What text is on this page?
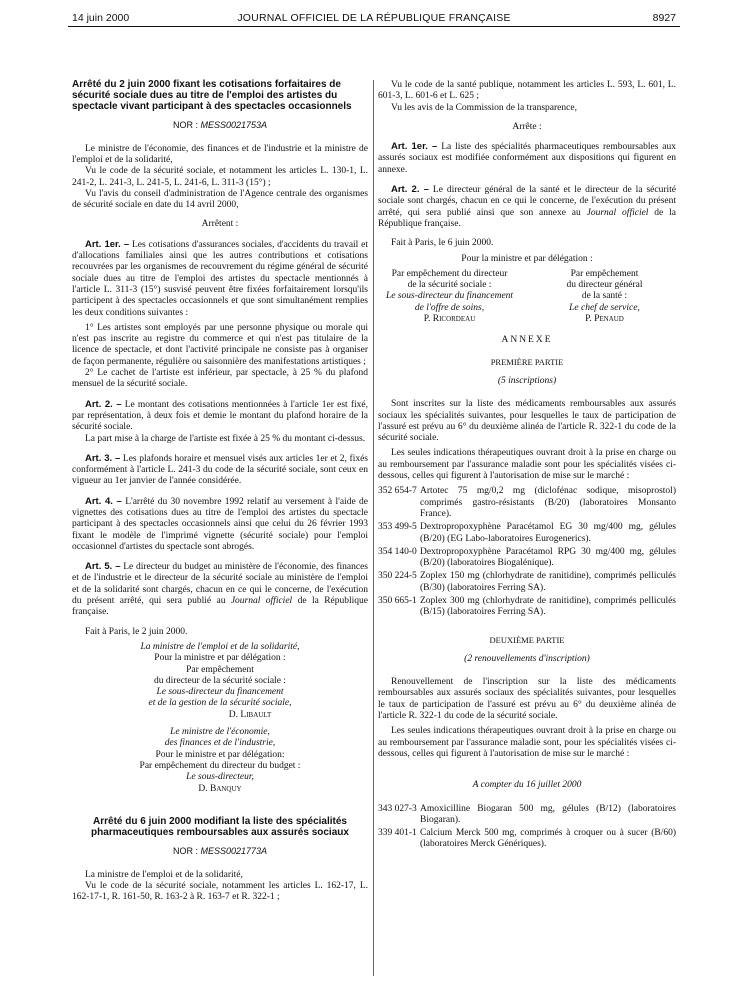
14 juin 2000	JOURNAL OFFICIEL DE LA RÉPUBLIQUE FRANÇAISE	8927
Arrêté du 2 juin 2000 fixant les cotisations forfaitaires de sécurité sociale dues au titre de l'emploi des artistes du spectacle vivant participant à des spectacles occasionnels
NOR : MESS0021753A

Le ministre de l'économie, des finances et de l'industrie et la ministre de l'emploi et de la solidarité,

Vu le code de la sécurité sociale, et notamment les articles L. 130-1, L. 241-2, L. 241-3, L. 241-5, L. 241-6, L. 311-3 (15°) ;

Vu l'avis du conseil d'administration de l'Agence centrale des organismes de sécurité sociale en date du 14 avril 2000,

Arrêtent :

Art. 1er. – Les cotisations d'assurances sociales, d'accidents du travail et d'allocations familiales ainsi que les autres contributions et cotisations recouvrées par les organismes de recouvrement du régime général de sécurité sociale dues au titre de l'emploi des artistes du spectacle mentionnés à l'article L. 311-3 (15°) susvisé peuvent être fixées forfaitairement lorsqu'ils participent à des spectacles occasionnels et que sont simultanément remplies les deux conditions suivantes :

1° Les artistes sont employés par une personne physique ou morale qui n'est pas inscrite au registre du commerce et qui n'est pas titulaire de la licence de spectacle, et dont l'activité principale ne consiste pas à organiser de façon permanente, régulière ou saisonnière des manifestations artistiques ;

2° Le cachet de l'artiste est inférieur, par spectacle, à 25 % du plafond mensuel de la sécurité sociale.

Art. 2. – Le montant des cotisations mentionnées à l'article 1er est fixé, par représentation, à deux fois et demie le montant du plafond horaire de la sécurité sociale.

La part mise à la charge de l'artiste est fixée à 25 % du montant ci-dessus.

Art. 3. – Les plafonds horaire et mensuel visés aux articles 1er et 2, fixés conformément à l'article L. 241-3 du code de la sécurité sociale, sont ceux en vigueur au 1er janvier de l'année considérée.

Art. 4. – L'arrêté du 30 novembre 1992 relatif au versement à l'aide de vignettes des cotisations dues au titre de l'emploi des artistes du spectacle participant à des spectacles occasionnels ainsi que celui du 26 février 1993 fixant le modèle de l'imprimé vignette (sécurité sociale) pour l'emploi occasionnel d'artistes du spectacle sont abrogés.

Art. 5. – Le directeur du budget au ministère de l'économie, des finances et de l'industrie et le directeur de la sécurité sociale au ministère de l'emploi et de la solidarité sont chargés, chacun en ce qui le concerne, de l'exécution du présent arrêté, qui sera publié au Journal officiel de la République française.

Fait à Paris, le 2 juin 2000.

La ministre de l'emploi et de la solidarité,
Pour la ministre et par délégation :
Par empêchement
du directeur de la sécurité sociale :
Le sous-directeur du financement
et de la gestion de la sécurité sociale,
D. Libault
Le ministre de l'économie,
des finances et de l'industrie,
Pour le ministre et par délégation:
Par empêchement du directeur du budget :
Le sous-directeur,
D. Banquy
Arrêté du 6 juin 2000 modifiant la liste des spécialités pharmaceutiques remboursables aux assurés sociaux
NOR : MESS0021773A

La ministre de l'emploi et de la solidarité,

Vu le code de la sécurité sociale, notamment les articles L. 162-17, L. 162-17-1, R. 161-50, R. 163-2 à R. 163-7 et R. 322-1 ;

Vu le code de la santé publique, notamment les articles L. 593, L. 601, L. 601-3, L. 601-6 et L. 625 ;

Vu les avis de la Commission de la transparence,

Arrête :

Art. 1er. – La liste des spécialités pharmaceutiques remboursables aux assurés sociaux est modifiée conformément aux dispositions qui figurent en annexe.

Art. 2. – Le directeur général de la santé et le directeur de la sécurité sociale sont chargés, chacun en ce qui le concerne, de l'exécution du présent arrêté, qui sera publié ainsi que son annexe au Journal officiel de la République française.

Fait à Paris, le 6 juin 2000.

Pour la ministre et par délégation :

Par empêchement du directeur
de la sécurité sociale :
Le sous-directeur du financement
de l'offre de soins,
P. Ricordeau
Par empêchement
du directeur général
de la santé :
Le chef de service,
P. Penaud
ANNEXE

PREMIÈRE PARTIE

(5 inscriptions)

Sont inscrites sur la liste des médicaments remboursables aux assurés sociaux les spécialités suivantes, pour lesquelles le taux de participation de l'assuré est prévu au 6° du deuxième alinéa de l'article R. 322-1 du code de la sécurité sociale.

Les seules indications thérapeutiques ouvrant droit à la prise en charge ou au remboursement par l'assurance maladie sont pour les spécialités visées ci-dessous, celles qui figurent à l'autorisation de mise sur le marché :

352 654-7 Artotec 75 mg/0,2 mg (diclofénac sodique, misoprostol) comprimés gastro-résistants (B/20) (laboratoires Monsanto France).
353 499-5 Dextropropoxyphène Paracétamol EG 30 mg/400 mg, gélules (B/20) (EG Labo-laboratoires Eurogenerics).
354 140-0 Dextropropoxyphène Paracétamol RPG 30 mg/400 mg, gélules (B/20) (laboratoires Biogalénique).
350 224-5 Zoplex 150 mg (chlorhydrate de ranitidine), comprimés pelliculés (B/30) (laboratoires Ferring SA).
350 665-1 Zoplex 300 mg (chlorhydrate de ranitidine), comprimés pelliculés (B/15) (laboratoires Ferring SA).

DEUXIÈME PARTIE

(2 renouvellements d'inscription)

Renouvellement de l'inscription sur la liste des médicaments remboursables aux assurés sociaux des spécialités suivantes, pour lesquelles le taux de participation de l'assuré est prévu au 6° du deuxième alinéa de l'article R. 322-1 du code de la sécurité sociale.

Les seules indications thérapeutiques ouvrant droit à la prise en charge ou au remboursement par l'assurance maladie sont, pour les spécialités visées ci-dessous, celles qui figurent à l'autorisation de mise sur le marché :

A compter du 16 juillet 2000

343 027-3 Amoxicilline Biogaran 500 mg, gélules (B/12) (laboratoires Biogaran).
339 401-1 Calcium Merck 500 mg, comprimés à croquer ou à sucer (B/60) (laboratoires Merck Génériques).
